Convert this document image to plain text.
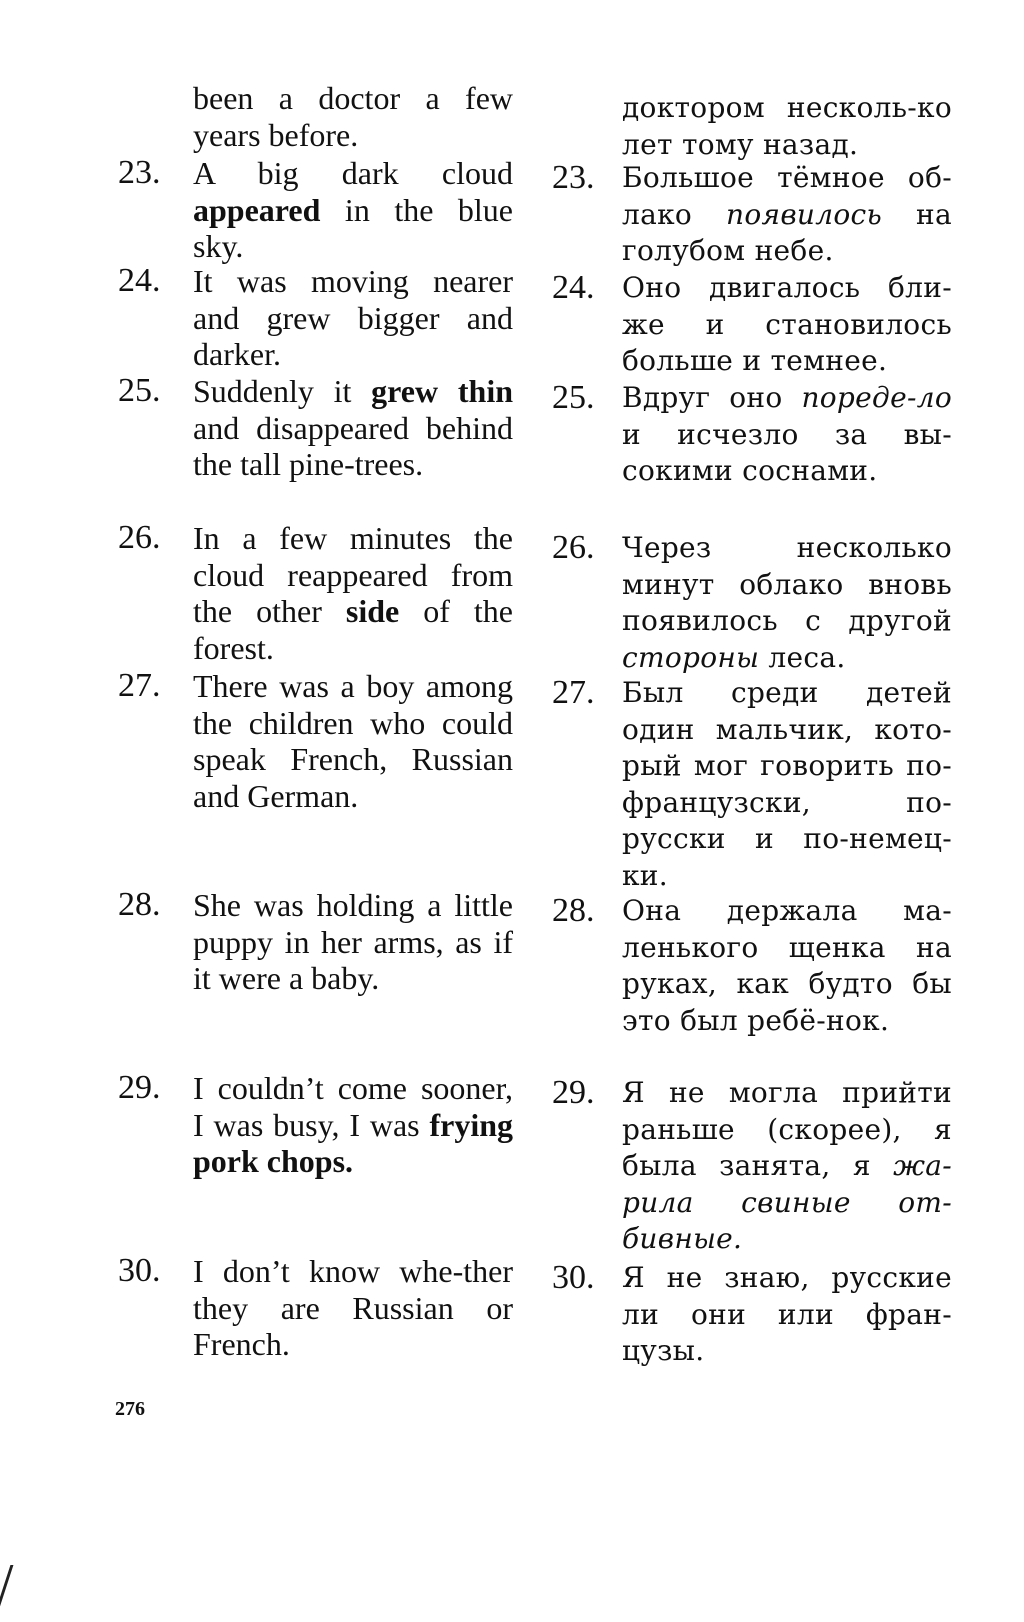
been a doctor a few years before.
23. A big dark cloud appeared in the blue sky.
24. It was moving nearer and grew bigger and darker.
25. Suddenly it grew thin and disappeared behind the tall pine-trees.
26. In a few minutes the cloud reappeared from the other side of the forest.
27. There was a boy among the children who could speak French, Russian and German.
28. She was holding a little puppy in her arms, as if it were a baby.
29. I couldn’t come sooner, I was busy, I was frying pork chops.
30. I don’t know whe-ther they are Russian or French.
доктором несколь-ко лет тому назад.
23. Большое тёмное об-лако появилось на голубом небе.
24. Оно двигалось бли-же и становилось больше и темнее.
25. Вдруг оно пореде-ло и исчезло за вы-сокими соснами.
26. Через несколько минут облако вновь появилось с другой стороны леса.
27. Был среди детей один мальчик, кото-рый мог говорить по-французски, по-русски и по-немец-ки.
28. Она держала ма-ленького щенка на руках, как будто бы это был ребё-нок.
29. Я не могла прийти раньше (скорее), я была занята, я жа-рила свиные от-бивные.
30. Я не знаю, русские ли они или фран-цузы.
276
